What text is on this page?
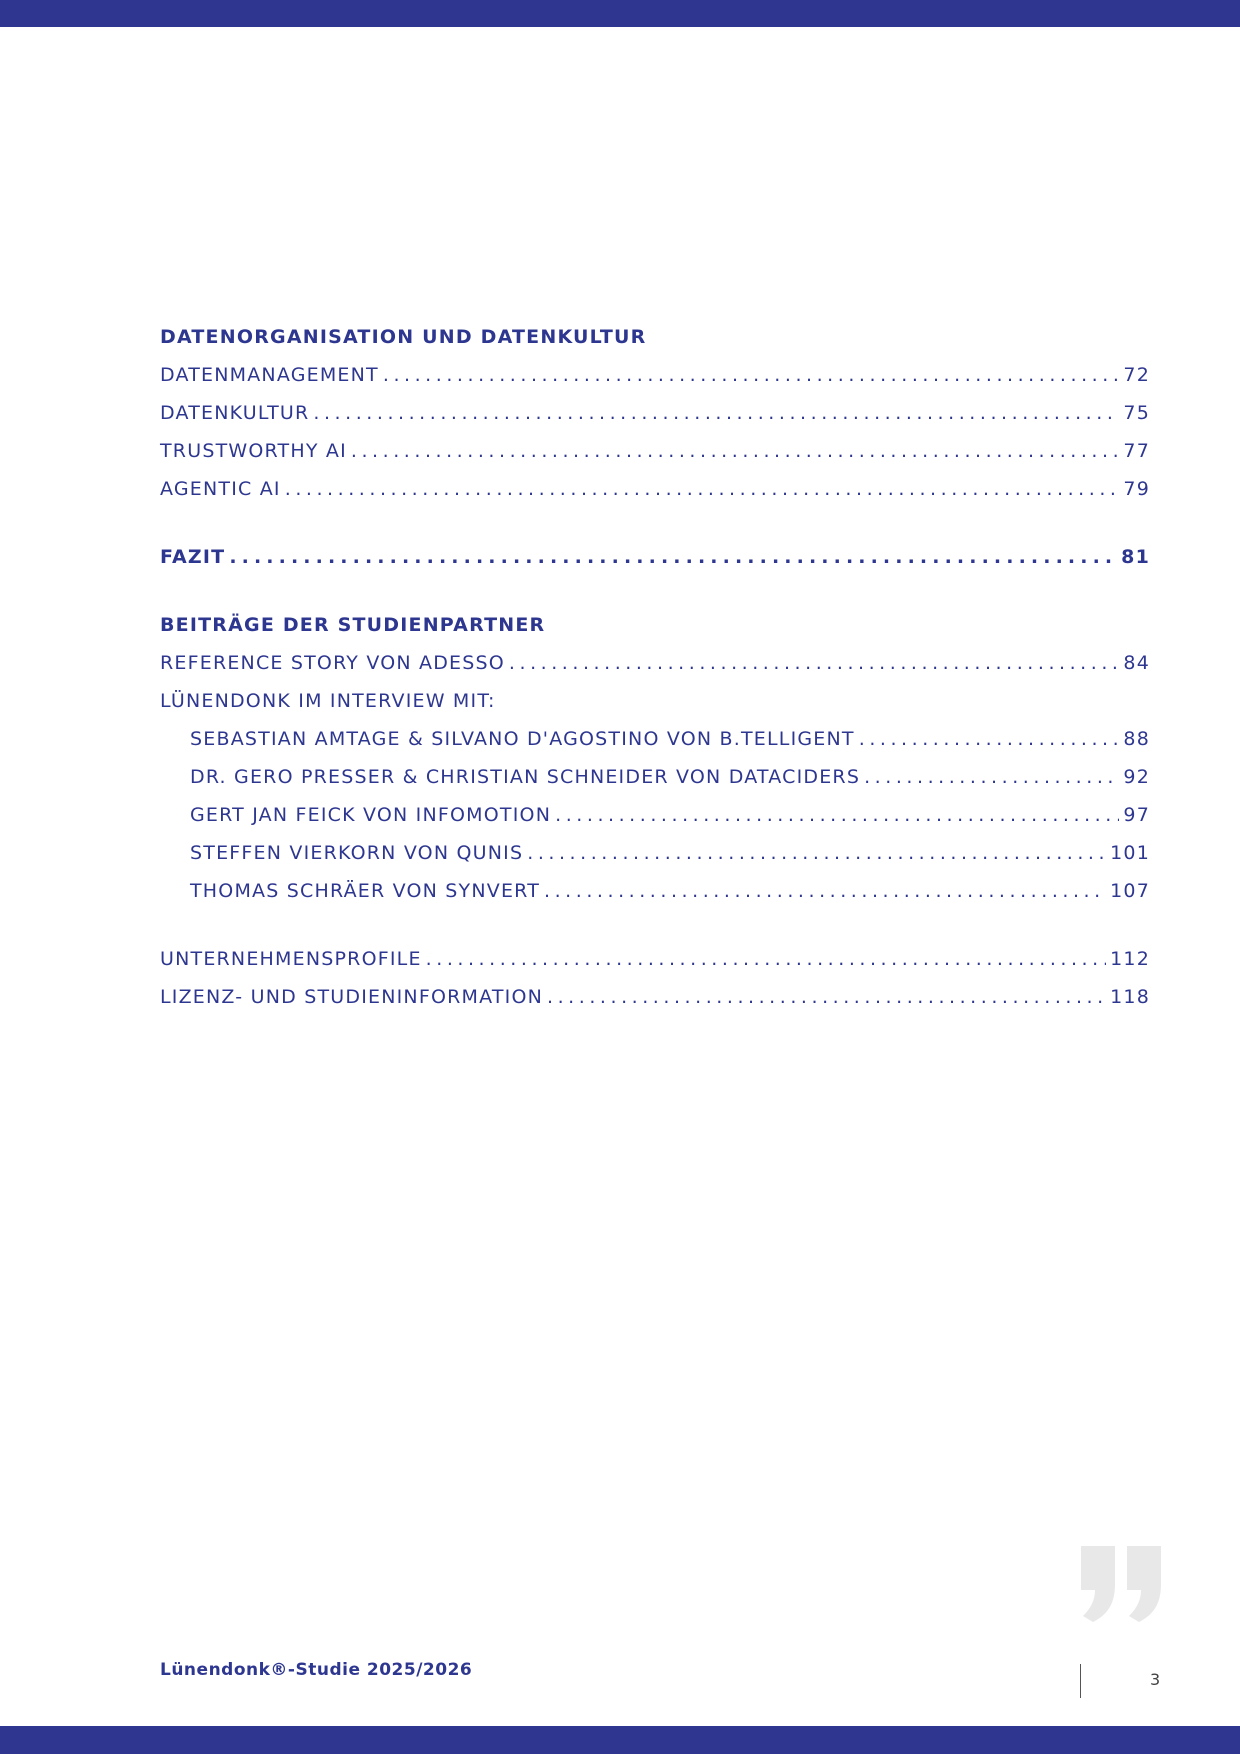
DATENORGANISATION UND DATENKULTUR
DATENMANAGEMENT . . .	72
DATENKULTUR . . .	75
TRUSTWORTHY AI . . .	77
AGENTIC AI . . .	79
FAZIT . . .	81
BEITRÄGE DER STUDIENPARTNER
REFERENCE STORY VON ADESSO . . .	84
LÜNENDONK IM INTERVIEW MIT:
SEBASTIAN AMTAGE & SILVANO D'AGOSTINO VON B.TELLIGENT . . .	88
DR. GERO PRESSER & CHRISTIAN SCHNEIDER VON DATACIDERS . . .	92
GERT JAN FEICK VON INFOMOTION . . .	97
STEFFEN VIERKORN VON QUNIS . . .	101
THOMAS SCHRÄER VON SYNVERT . . .	107
UNTERNEHMENSPROFILE . . .	112
LIZENZ- UND STUDIENINFORMATION . . .	118
Lünendonk®-Studie 2025/2026	3
